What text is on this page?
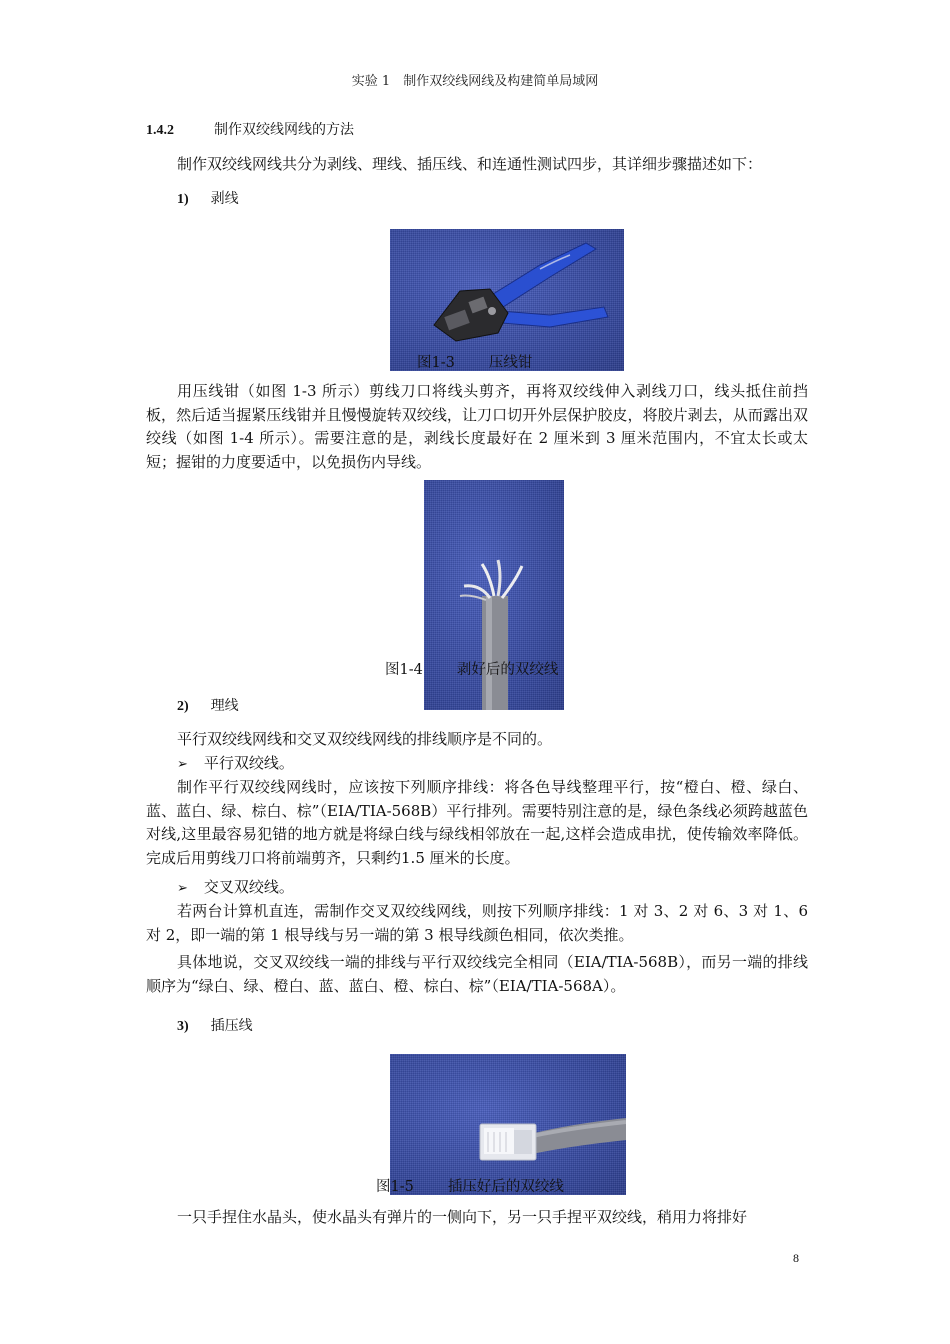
实验 1　制作双绞线网线及构建简单局域网
1.4.2	制作双绞线网线的方法

制作双绞线网线共分为剥线、理线、插压线、和连通性测试四步，其详细步骤描述如下：

1) 剥线
图1-3 压线钳

用压线钳（如图 1-3 所示）剪线刀口将线头剪齐，再将双绞线伸入剥线刀口，线头抵住前挡板，然后适当握紧压线钳并且慢慢旋转双绞线，让刀口切开外层保护胶皮，将胶片剥去，从而露出双绞线（如图 1-4 所示）。需要注意的是，剥线长度最好在 2 厘米到 3 厘米范围内，不宜太长或太短；握钳的力度要适中，以免损伤内导线。

图1-4 剥好后的双绞线
2) 理线

平行双绞线网线和交叉双绞线网线的排线顺序是不同的。

➢ 平行双绞线。

制作平行双绞线网线时，应该按下列顺序排线：将各色导线整理平行，按“橙白、橙、绿白、蓝、蓝白、绿、棕白、棕”（EIA/TIA-568B）平行排列。需要特别注意的是，绿色条线必须跨越蓝色对线,这里最容易犯错的地方就是将绿白线与绿线相邻放在一起,这样会造成串扰，使传输效率降低。完成后用剪线刀口将前端剪齐，只剩约1.5 厘米的长度。

➢ 交叉双绞线。

若两台计算机直连，需制作交叉双绞线网线，则按下列顺序排线：1 对 3、2 对 6、3 对 1、6 对 2，即一端的第 1 根导线与另一端的第 3 根导线颜色相同，依次类推。

具体地说，交叉双绞线一端的排线与平行双绞线完全相同（EIA/TIA-568B），而另一端的排线顺序为“绿白、绿、橙白、蓝、蓝白、橙、棕白、棕”（EIA/TIA-568A）。

3) 插压线
图1-5 插压好后的双绞线

一只手捏住水晶头，使水晶头有弹片的一侧向下，另一只手捏平双绞线，稍用力将排好

8
